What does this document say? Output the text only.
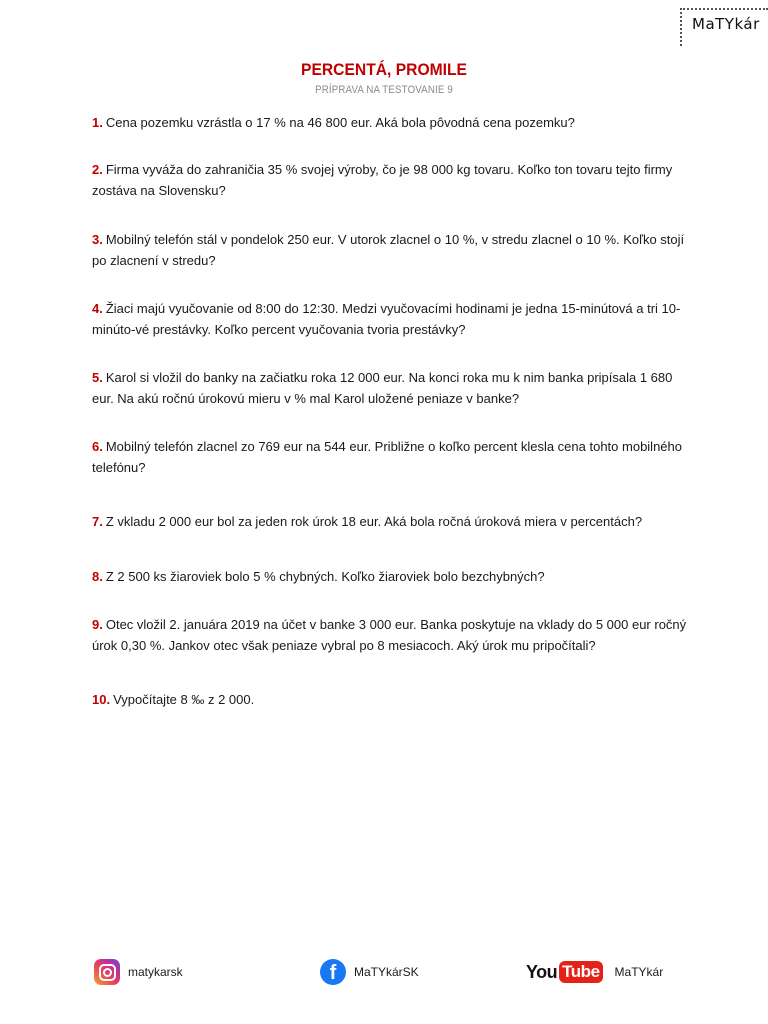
MaTYkár
PERCENTÁ, PROMILE
PRÍPRAVA NA TESTOVANIE 9
1. Cena pozemku vzrástla o 17 % na 46 800 eur. Aká bola pôvodná cena pozemku?
2. Firma vyváža do zahraničia 35 % svojej výroby, čo je 98 000 kg tovaru. Koľko ton tovaru tejto firmy zostáva na Slovensku?
3. Mobilný telefón stál v pondelok 250 eur. V utorok zlacnel o 10 %, v stredu zlacnel o 10 %. Koľko stojí po zlacnení v stredu?
4. Žiaci majú vyučovanie od 8:00 do 12:30. Medzi vyučovacími hodinami je jedna 15-minútová a tri 10-minúto-vé prestávky. Koľko percent vyučovania tvoria prestávky?
5. Karol si vložil do banky na začiatku roka 12 000 eur. Na konci roka mu k nim banka pripísala 1 680 eur. Na akú ročnú úrokovú mieru v % mal Karol uložené peniaze v banke?
6. Mobilný telefón zlacnel zo 769 eur na 544 eur. Približne o koľko percent klesla cena tohto mobilného telefónu?
7. Z vkladu 2 000 eur bol za jeden rok úrok 18 eur. Aká bola ročná úroková miera v percentách?
8. Z 2 500 ks žiaroviek bolo 5 % chybných. Koľko žiaroviek bolo bezchybných?
9. Otec vložil 2. januára 2019 na účet v banke 3 000 eur. Banka poskytuje na vklady do 5 000 eur ročný úrok 0,30 %. Jankov otec však peniaze vybral po 8 mesiacoch. Aký úrok mu pripočítali?
10. Vypočítajte 8 ‰ z 2 000.
matykarsk	f	MaTYkárSK	You Tube MaTYkár
